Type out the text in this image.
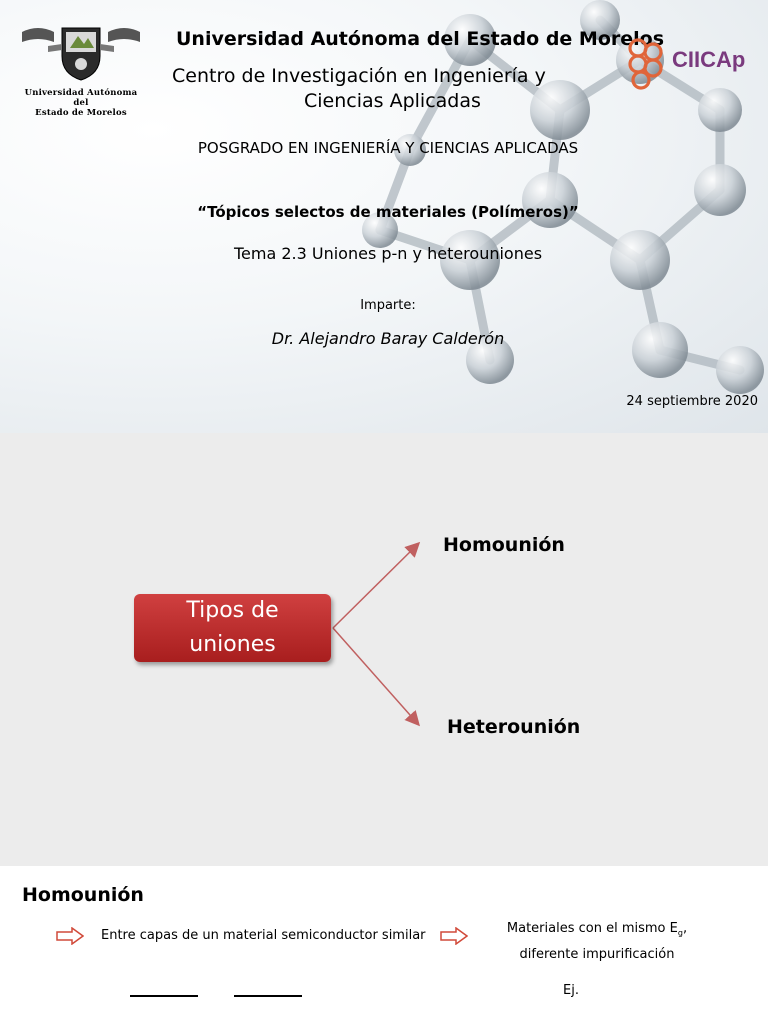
Universidad Autónoma del
Estado de Morelos
Universidad Autónoma del Estado de Morelos
Centro de Investigación en Ingeniería y
Ciencias Aplicadas
CIICAp
POSGRADO EN INGENIERÍA Y CIENCIAS APLICADAS
“Tópicos selectos de materiales (Polímeros)”
Tema 2.3 Uniones p-n y heterouniones
Imparte:
Dr. Alejandro Baray Calderón
24 septiembre 2020
Tipos de uniones
Homounión
Heterounión
Homounión
Entre capas de un material semiconductor similar	Materiales con el mismo $E_g$,
diferente impurificación
Ej.
